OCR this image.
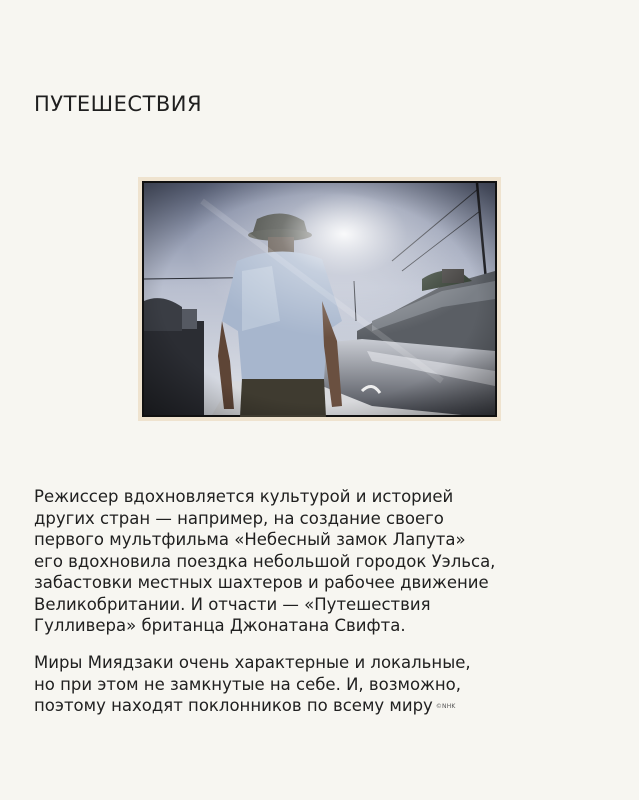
ПУТЕШЕСТВИЯ

Режиссер вдохновляется культурой и историей
других стран — например, на создание своего
первого мультфильма «Небесный замок Лапута»
его вдохновила поездка небольшой городок Уэльса,
забастовки местных шахтеров и рабочее движение
Великобритании. И отчасти — «Путешествия
Гулливера» британца Джонатана Свифта.

Миры Миядзаки очень характерные и локальные,
но при этом не замкнутые на себе. И, возможно,
поэтому находят поклонников по всему миру ©NHK
